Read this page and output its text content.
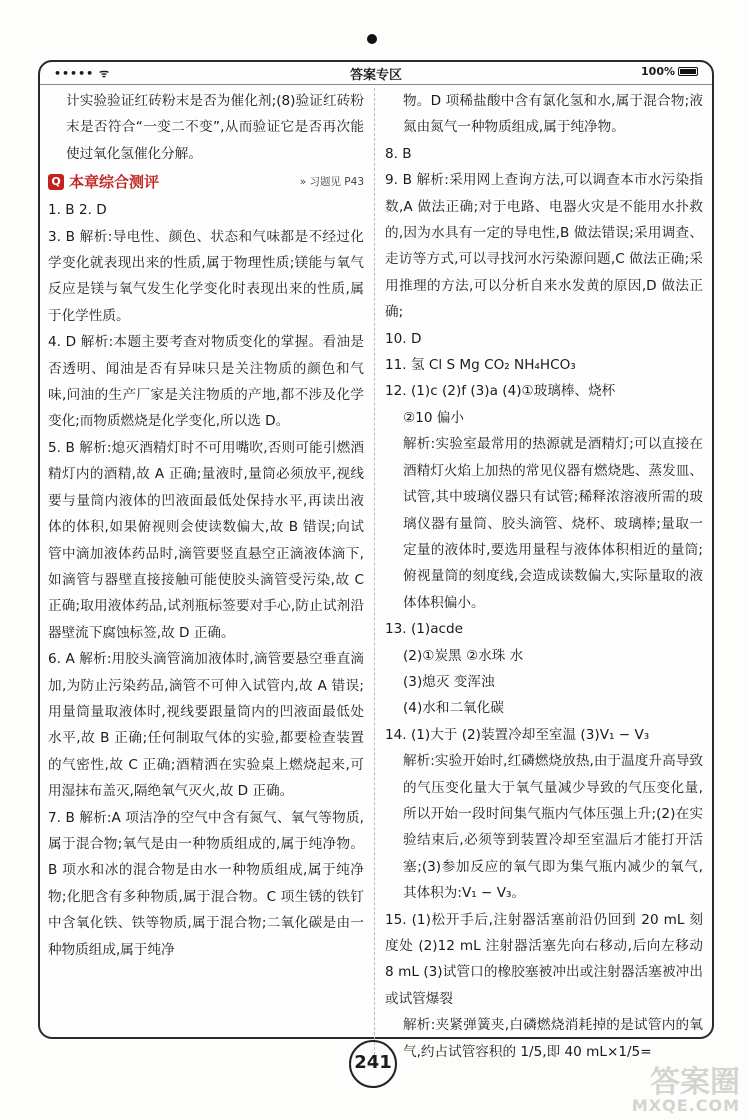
••••• ᯤ	答案专区	100%

计实验验证红砖粉末是否为催化剂;(8)验证红砖粉末是否符合“一变二不变”,从而验证它是否再次能使过氧化氢催化分解。

Q 本章综合测评	» 习题见 P43

1. B 2. D

3. B 解析:导电性、颜色、状态和气味都是不经过化学变化就表现出来的性质,属于物理性质;镁能与氧气反应是镁与氧气发生化学变化时表现出来的性质,属于化学性质。

4. D 解析:本题主要考查对物质变化的掌握。看油是否透明、闻油是否有异味只是关注物质的颜色和气味,问油的生产厂家是关注物质的产地,都不涉及化学变化;而物质燃烧是化学变化,所以选 D。

5. B 解析:熄灭酒精灯时不可用嘴吹,否则可能引燃酒精灯内的酒精,故 A 正确;量液时,量筒必须放平,视线要与量筒内液体的凹液面最低处保持水平,再读出液体的体积,如果俯视则会使读数偏大,故 B 错误;向试管中滴加液体药品时,滴管要竖直悬空正滴液体滴下,如滴管与器壁直接接触可能使胶头滴管受污染,故 C 正确;取用液体药品,试剂瓶标签要对手心,防止试剂沿器壁流下腐蚀标签,故 D 正确。

6. A 解析:用胶头滴管滴加液体时,滴管要悬空垂直滴加,为防止污染药品,滴管不可伸入试管内,故 A 错误;用量筒量取液体时,视线要跟量筒内的凹液面最低处水平,故 B 正确;任何制取气体的实验,都要检查装置的气密性,故 C 正确;酒精洒在实验桌上燃烧起来,可用湿抹布盖灭,隔绝氧气灭火,故 D 正确。

7. B 解析:A 项洁净的空气中含有氮气、氧气等物质,属于混合物;氧气是由一种物质组成的,属于纯净物。B 项水和冰的混合物是由水一种物质组成,属于纯净物;化肥含有多种物质,属于混合物。C 项生锈的铁钉中含氧化铁、铁等物质,属于混合物;二氧化碳是由一种物质组成,属于纯净

物。D 项稀盐酸中含有氯化氢和水,属于混合物;液氮由氮气一种物质组成,属于纯净物。

8. B

9. B 解析:采用网上查询方法,可以调查本市水污染指数,A 做法正确;对于电路、电器火灾是不能用水扑救的,因为水具有一定的导电性,B 做法错误;采用调查、走访等方式,可以寻找河水污染源问题,C 做法正确;采用推理的方法,可以分析自来水发黄的原因,D 做法正确;

10. D

11. 氢 Cl S Mg CO₂ NH₄HCO₃

12. (1)c (2)f (3)a (4)①玻璃棒、烧杯

②10 偏小

解析:实验室最常用的热源就是酒精灯;可以直接在酒精灯火焰上加热的常见仪器有燃烧匙、蒸发皿、试管,其中玻璃仪器只有试管;稀释浓溶液所需的玻璃仪器有量筒、胶头滴管、烧杯、玻璃棒;量取一定量的液体时,要选用量程与液体体积相近的量筒;俯视量筒的刻度线,会造成读数偏大,实际量取的液体体积偏小。

13. (1)acde

(2)①炭黑 ②水珠 水

(3)熄灭 变浑浊

(4)水和二氧化碳

14. (1)大于 (2)装置冷却至室温 (3)V₁ − V₃

解析:实验开始时,红磷燃烧放热,由于温度升高导致的气压变化量大于氧气量减少导致的气压变化量,所以开始一段时间集气瓶内气体压强上升;(2)在实验结束后,必须等到装置冷却至室温后才能打开活塞;(3)参加反应的氧气即为集气瓶内减少的氧气,其体积为:V₁ − V₃。

15. (1)松开手后,注射器活塞前沿仍回到 20 mL 刻度处 (2)12 mL 注射器活塞先向右移动,后向左移动 8 mL (3)试管口的橡胶塞被冲出或注射器活塞被冲出或试管爆裂

解析:夹紧弹簧夹,白磷燃烧消耗掉的是试管内的氧气,约占试管容积的 1/5,即 40 mL×1/5=

241
答案圈
MXQE.COM
